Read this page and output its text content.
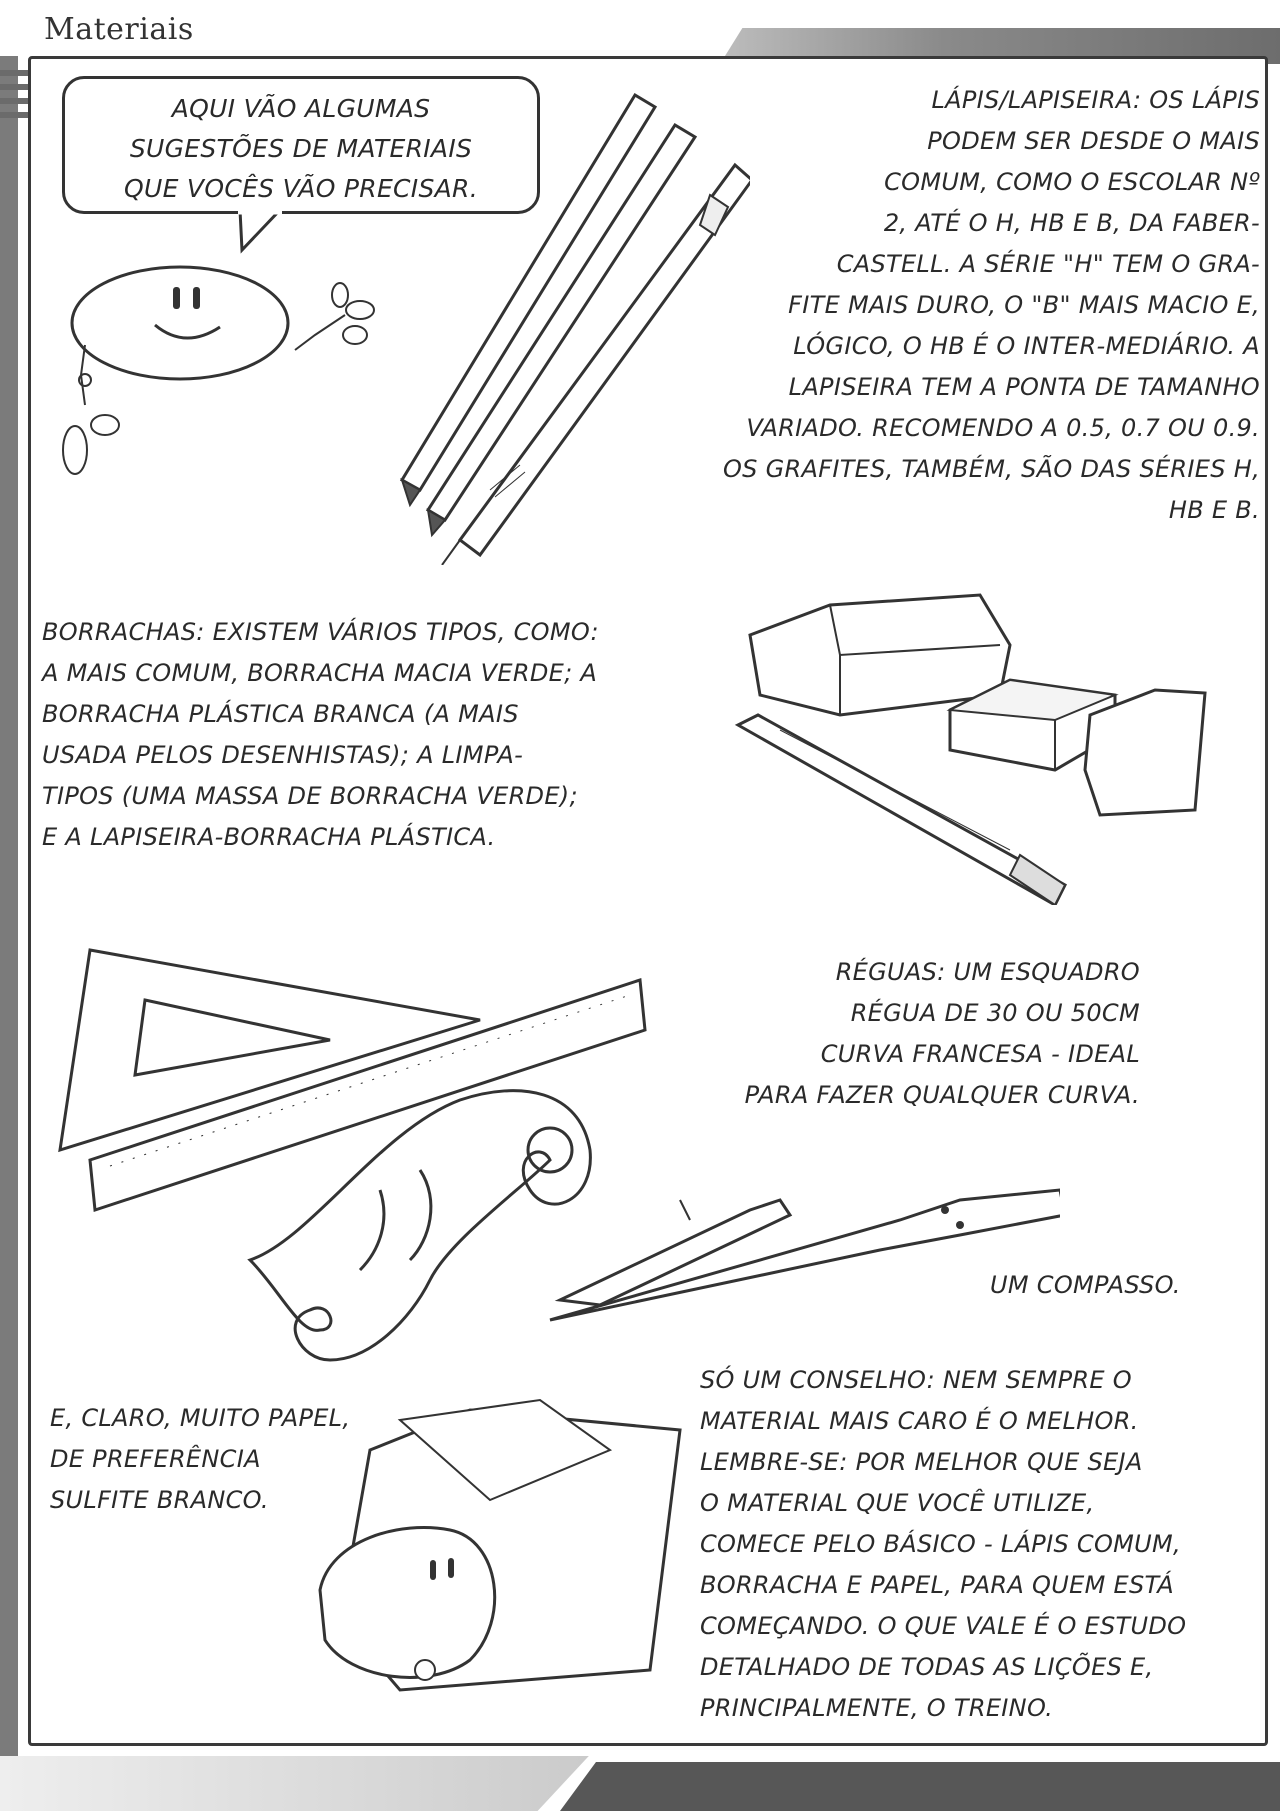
Materiais
AQUI VÃO ALGUMAS
SUGESTÕES DE MATERIAIS
QUE VOCÊS VÃO PRECISAR.
LÁPIS/LAPISEIRA: OS LÁPIS
PODEM SER DESDE O MAIS
COMUM, COMO O ESCOLAR Nº
2, ATÉ O H, HB E B, DA FABER-
CASTELL. A SÉRIE "H" TEM O GRA-
FITE MAIS DURO, O "B" MAIS MACIO E,
LÓGICO, O HB É O INTER-MEDIÁRIO. A
LAPISEIRA TEM A PONTA DE TAMANHO
VARIADO. RECOMENDO A 0.5, 0.7 OU 0.9.
OS GRAFITES, TAMBÉM, SÃO DAS SÉRIES H,
HB E B.
BORRACHAS: EXISTEM VÁRIOS TIPOS, COMO:
A MAIS COMUM, BORRACHA MACIA VERDE; A
BORRACHA PLÁSTICA BRANCA (A MAIS
USADA PELOS DESENHISTAS); A LIMPA-
TIPOS (UMA MASSA DE BORRACHA VERDE);
E A LAPISEIRA-BORRACHA PLÁSTICA.
RÉGUAS: UM ESQUADRO
RÉGUA DE 30 OU 50CM
CURVA FRANCESA - IDEAL
PARA FAZER QUALQUER CURVA.
UM COMPASSO.
E, CLARO, MUITO PAPEL,
DE PREFERÊNCIA
SULFITE BRANCO.
SÓ UM CONSELHO: NEM SEMPRE O
MATERIAL MAIS CARO É O MELHOR.
LEMBRE-SE: POR MELHOR QUE SEJA
O MATERIAL QUE VOCÊ UTILIZE,
COMECE PELO BÁSICO - LÁPIS COMUM,
BORRACHA E PAPEL, PARA QUEM ESTÁ
COMEÇANDO. O QUE VALE É O ESTUDO
DETALHADO DE TODAS AS LIÇÕES E,
PRINCIPALMENTE, O TREINO.
